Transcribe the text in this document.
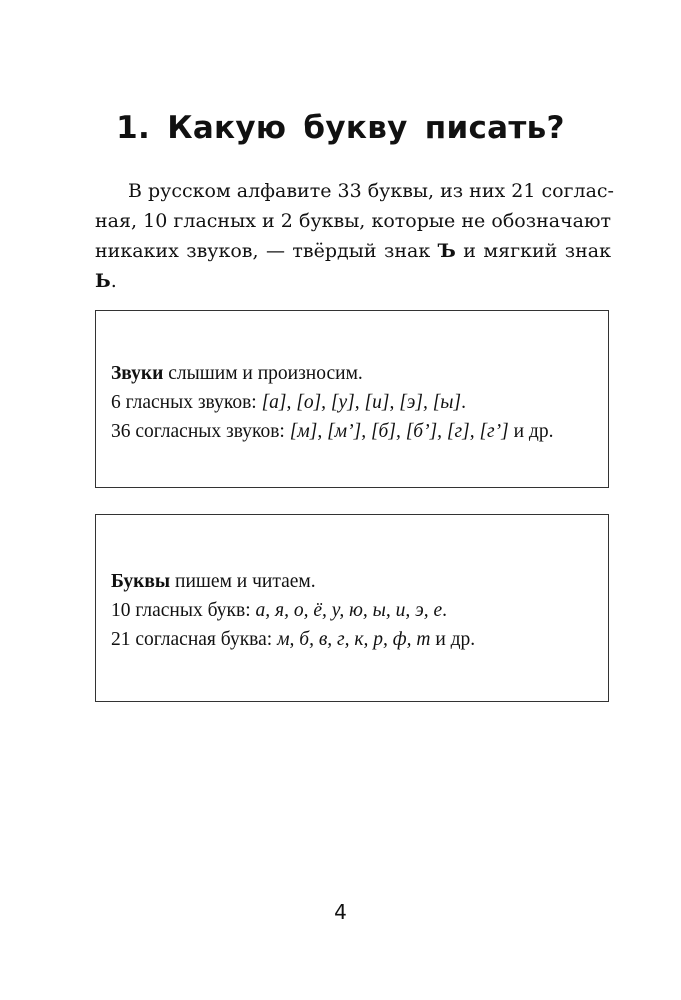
1. Какую букву писать?
В русском алфавите 33 буквы, из них 21 соглас-
ная, 10 гласных и 2 буквы, которые не обозначают
никаких звуков, — твёрдый знак Ъ и мягкий знак
Ь.
Звуки слышим и произносим.
6 гласных звуков: [а], [о], [у], [и], [э], [ы].
36 согласных звуков: [м], [м’], [б], [б’], [г], [г’] и др.
Буквы пишем и читаем.
10 гласных букв: а, я, о, ё, у, ю, ы, и, э, е.
21 согласная буква: м, б, в, г, к, р, ф, т и др.
4
